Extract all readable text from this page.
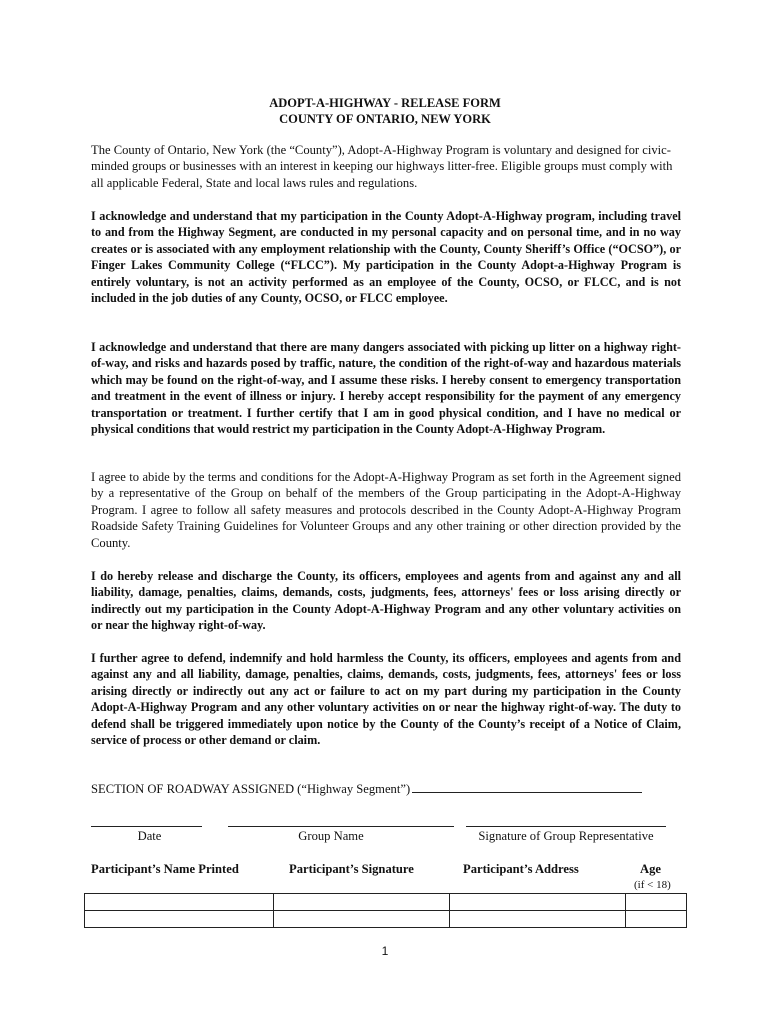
ADOPT-A-HIGHWAY - RELEASE FORM
COUNTY OF ONTARIO, NEW YORK

The County of Ontario, New York (the “County”), Adopt-A-Highway Program is voluntary and designed for civic-minded groups or businesses with an interest in keeping our highways litter-free. Eligible groups must comply with all applicable Federal, State and local laws rules and regulations.

I acknowledge and understand that my participation in the County Adopt-A-Highway program, including travel to and from the Highway Segment, are conducted in my personal capacity and on personal time, and in no way creates or is associated with any employment relationship with the County, County Sheriff’s Office (“OCSO”), or Finger Lakes Community College (“FLCC”). My participation in the County Adopt-a-Highway Program is entirely voluntary, is not an activity performed as an employee of the County, OCSO, or FLCC, and is not included in the job duties of any County, OCSO, or FLCC employee.

I acknowledge and understand that there are many dangers associated with picking up litter on a highway right-of-way, and risks and hazards posed by traffic, nature, the condition of the right-of-way and hazardous materials which may be found on the right-of-way, and I assume these risks. I hereby consent to emergency transportation and treatment in the event of illness or injury. I hereby accept responsibility for the payment of any emergency transportation or treatment. I further certify that I am in good physical condition, and I have no medical or physical conditions that would restrict my participation in the County Adopt-A-Highway Program.

I agree to abide by the terms and conditions for the Adopt-A-Highway Program as set forth in the Agreement signed by a representative of the Group on behalf of the members of the Group participating in the Adopt-A-Highway Program. I agree to follow all safety measures and protocols described in the County Adopt-A-Highway Program Roadside Safety Training Guidelines for Volunteer Groups and any other training or other direction provided by the County.

I do hereby release and discharge the County, its officers, employees and agents from and against any and all liability, damage, penalties, claims, demands, costs, judgments, fees, attorneys' fees or loss arising directly or indirectly out my participation in the County Adopt-A-Highway Program and any other voluntary activities on or near the highway right-of-way.

I further agree to defend, indemnify and hold harmless the County, its officers, employees and agents from and against any and all liability, damage, penalties, claims, demands, costs, judgments, fees, attorneys' fees or loss arising directly or indirectly out any act or failure to act on my part during my participation in the County Adopt-A-Highway Program and any other voluntary activities on or near the highway right-of-way. The duty to defend shall be triggered immediately upon notice by the County of the County’s receipt of a Notice of Claim, service of process or other demand or claim.

SECTION OF ROADWAY ASSIGNED (“Highway Segment”)
Date	Group Name	Signature of Group Representative
Participant’s Name Printed	Participant’s Signature	Participant’s Address	Age
(if < 18)

1
